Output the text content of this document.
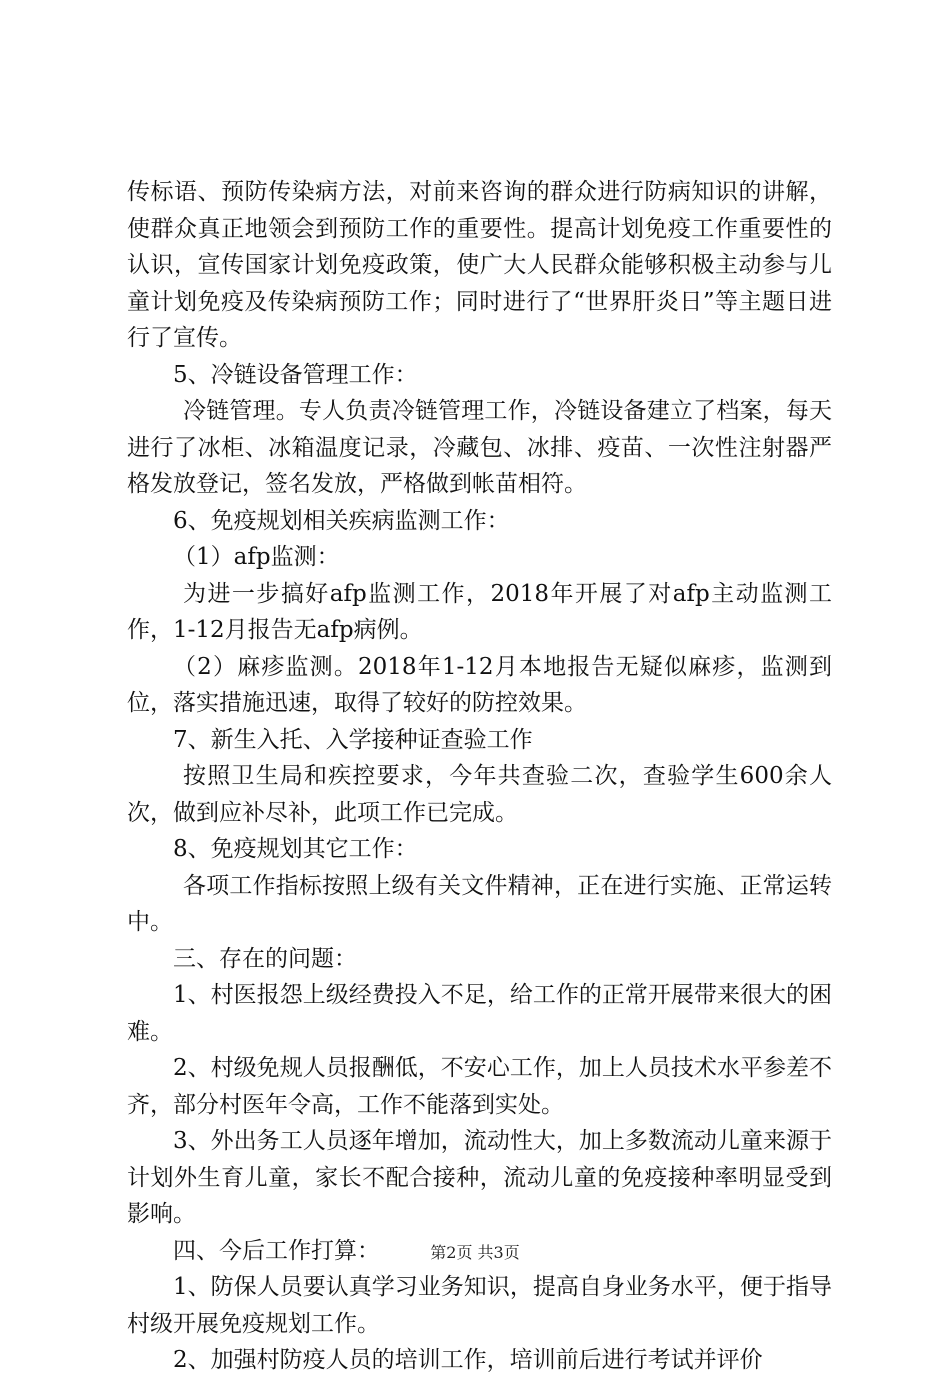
传标语、预防传染病方法，对前来咨询的群众进行防病知识的讲解，使群众真正地领会到预防工作的重要性。提高计划免疫工作重要性的认识，宣传国家计划免疫政策，使广大人民群众能够积极主动参与儿童计划免疫及传染病预防工作；同时进行了“世界肝炎日”等主题日进行了宣传。

5、冷链设备管理工作：

冷链管理。专人负责冷链管理工作，冷链设备建立了档案，每天进行了冰柜、冰箱温度记录，冷藏包、冰排、疫苗、一次性注射器严格发放登记，签名发放，严格做到帐苗相符。

6、免疫规划相关疾病监测工作：

（1）afp监测：

为进一步搞好afp监测工作，2018年开展了对afp主动监测工作，1-12月报告无afp病例。

（2）麻疹监测。2018年1-12月本地报告无疑似麻疹，监测到位，落实措施迅速，取得了较好的防控效果。

7、新生入托、入学接种证查验工作

按照卫生局和疾控要求，今年共查验二次，查验学生600余人次，做到应补尽补，此项工作已完成。

8、免疫规划其它工作：

各项工作指标按照上级有关文件精神，正在进行实施、正常运转中。

三、存在的问题：

1、村医报怨上级经费投入不足，给工作的正常开展带来很大的困难。

2、村级免规人员报酬低，不安心工作，加上人员技术水平参差不齐，部分村医年令高，工作不能落到实处。

3、外出务工人员逐年增加，流动性大，加上多数流动儿童来源于计划外生育儿童，家长不配合接种，流动儿童的免疫接种率明显受到影响。

四、今后工作打算：

1、防保人员要认真学习业务知识，提高自身业务水平，便于指导村级开展免疫规划工作。

2、加强村防疫人员的培训工作，培训前后进行考试并评价

第2页 共3页
